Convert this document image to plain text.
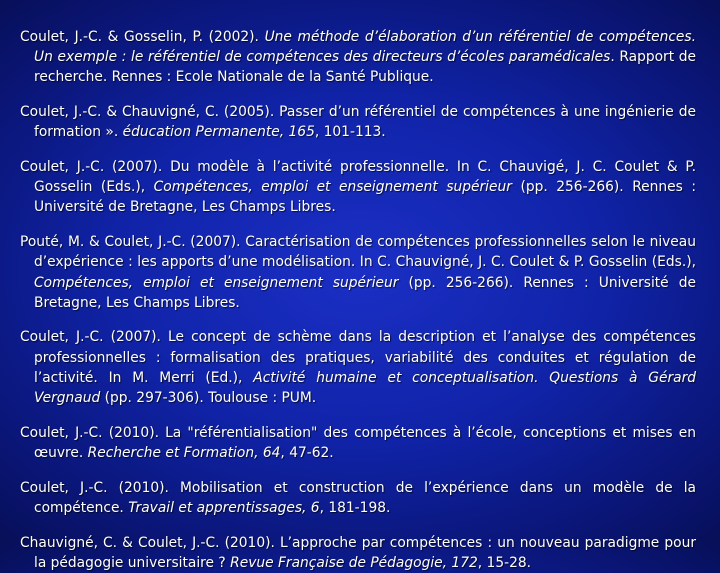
Coulet, J.-C. & Gosselin, P. (2002). Une méthode d’élaboration d’un référentiel de compétences. Un exemple : le référentiel de compétences des directeurs d’écoles paramédicales. Rapport de recherche. Rennes : Ecole Nationale de la Santé Publique.

Coulet, J.-C. & Chauvigné, C. (2005). Passer d’un référentiel de compétences à une ingénierie de formation ». éducation Permanente, 165, 101-113.

Coulet, J.-C. (2007). Du modèle à l’activité professionnelle. In C. Chauvigé, J. C. Coulet & P. Gosselin (Eds.), Compétences, emploi et enseignement supérieur (pp. 256-266). Rennes : Université de Bretagne, Les Champs Libres.

Pouté, M. & Coulet, J.-C. (2007). Caractérisation de compétences professionnelles selon le niveau d’expérience : les apports d’une modélisation. In C. Chauvigné, J. C. Coulet & P. Gosselin (Eds.), Compétences, emploi et enseignement supérieur (pp. 256-266). Rennes : Université de Bretagne, Les Champs Libres.

Coulet, J.-C. (2007). Le concept de schème dans la description et l’analyse des compétences professionnelles : formalisation des pratiques, variabilité des conduites et régulation de l’activité. In M. Merri (Ed.), Activité humaine et conceptualisation. Questions à Gérard Vergnaud (pp. 297-306). Toulouse : PUM.

Coulet, J.-C. (2010). La "référentialisation" des compétences à l’école, conceptions et mises en œuvre. Recherche et Formation, 64, 47-62.

Coulet, J.-C. (2010). Mobilisation et construction de l’expérience dans un modèle de la compétence. Travail et apprentissages, 6, 181-198.

Chauvigné, C. & Coulet, J.-C. (2010). L’approche par compétences : un nouveau paradigme pour la pédagogie universitaire ? Revue Française de Pédagogie, 172, 15-28.
